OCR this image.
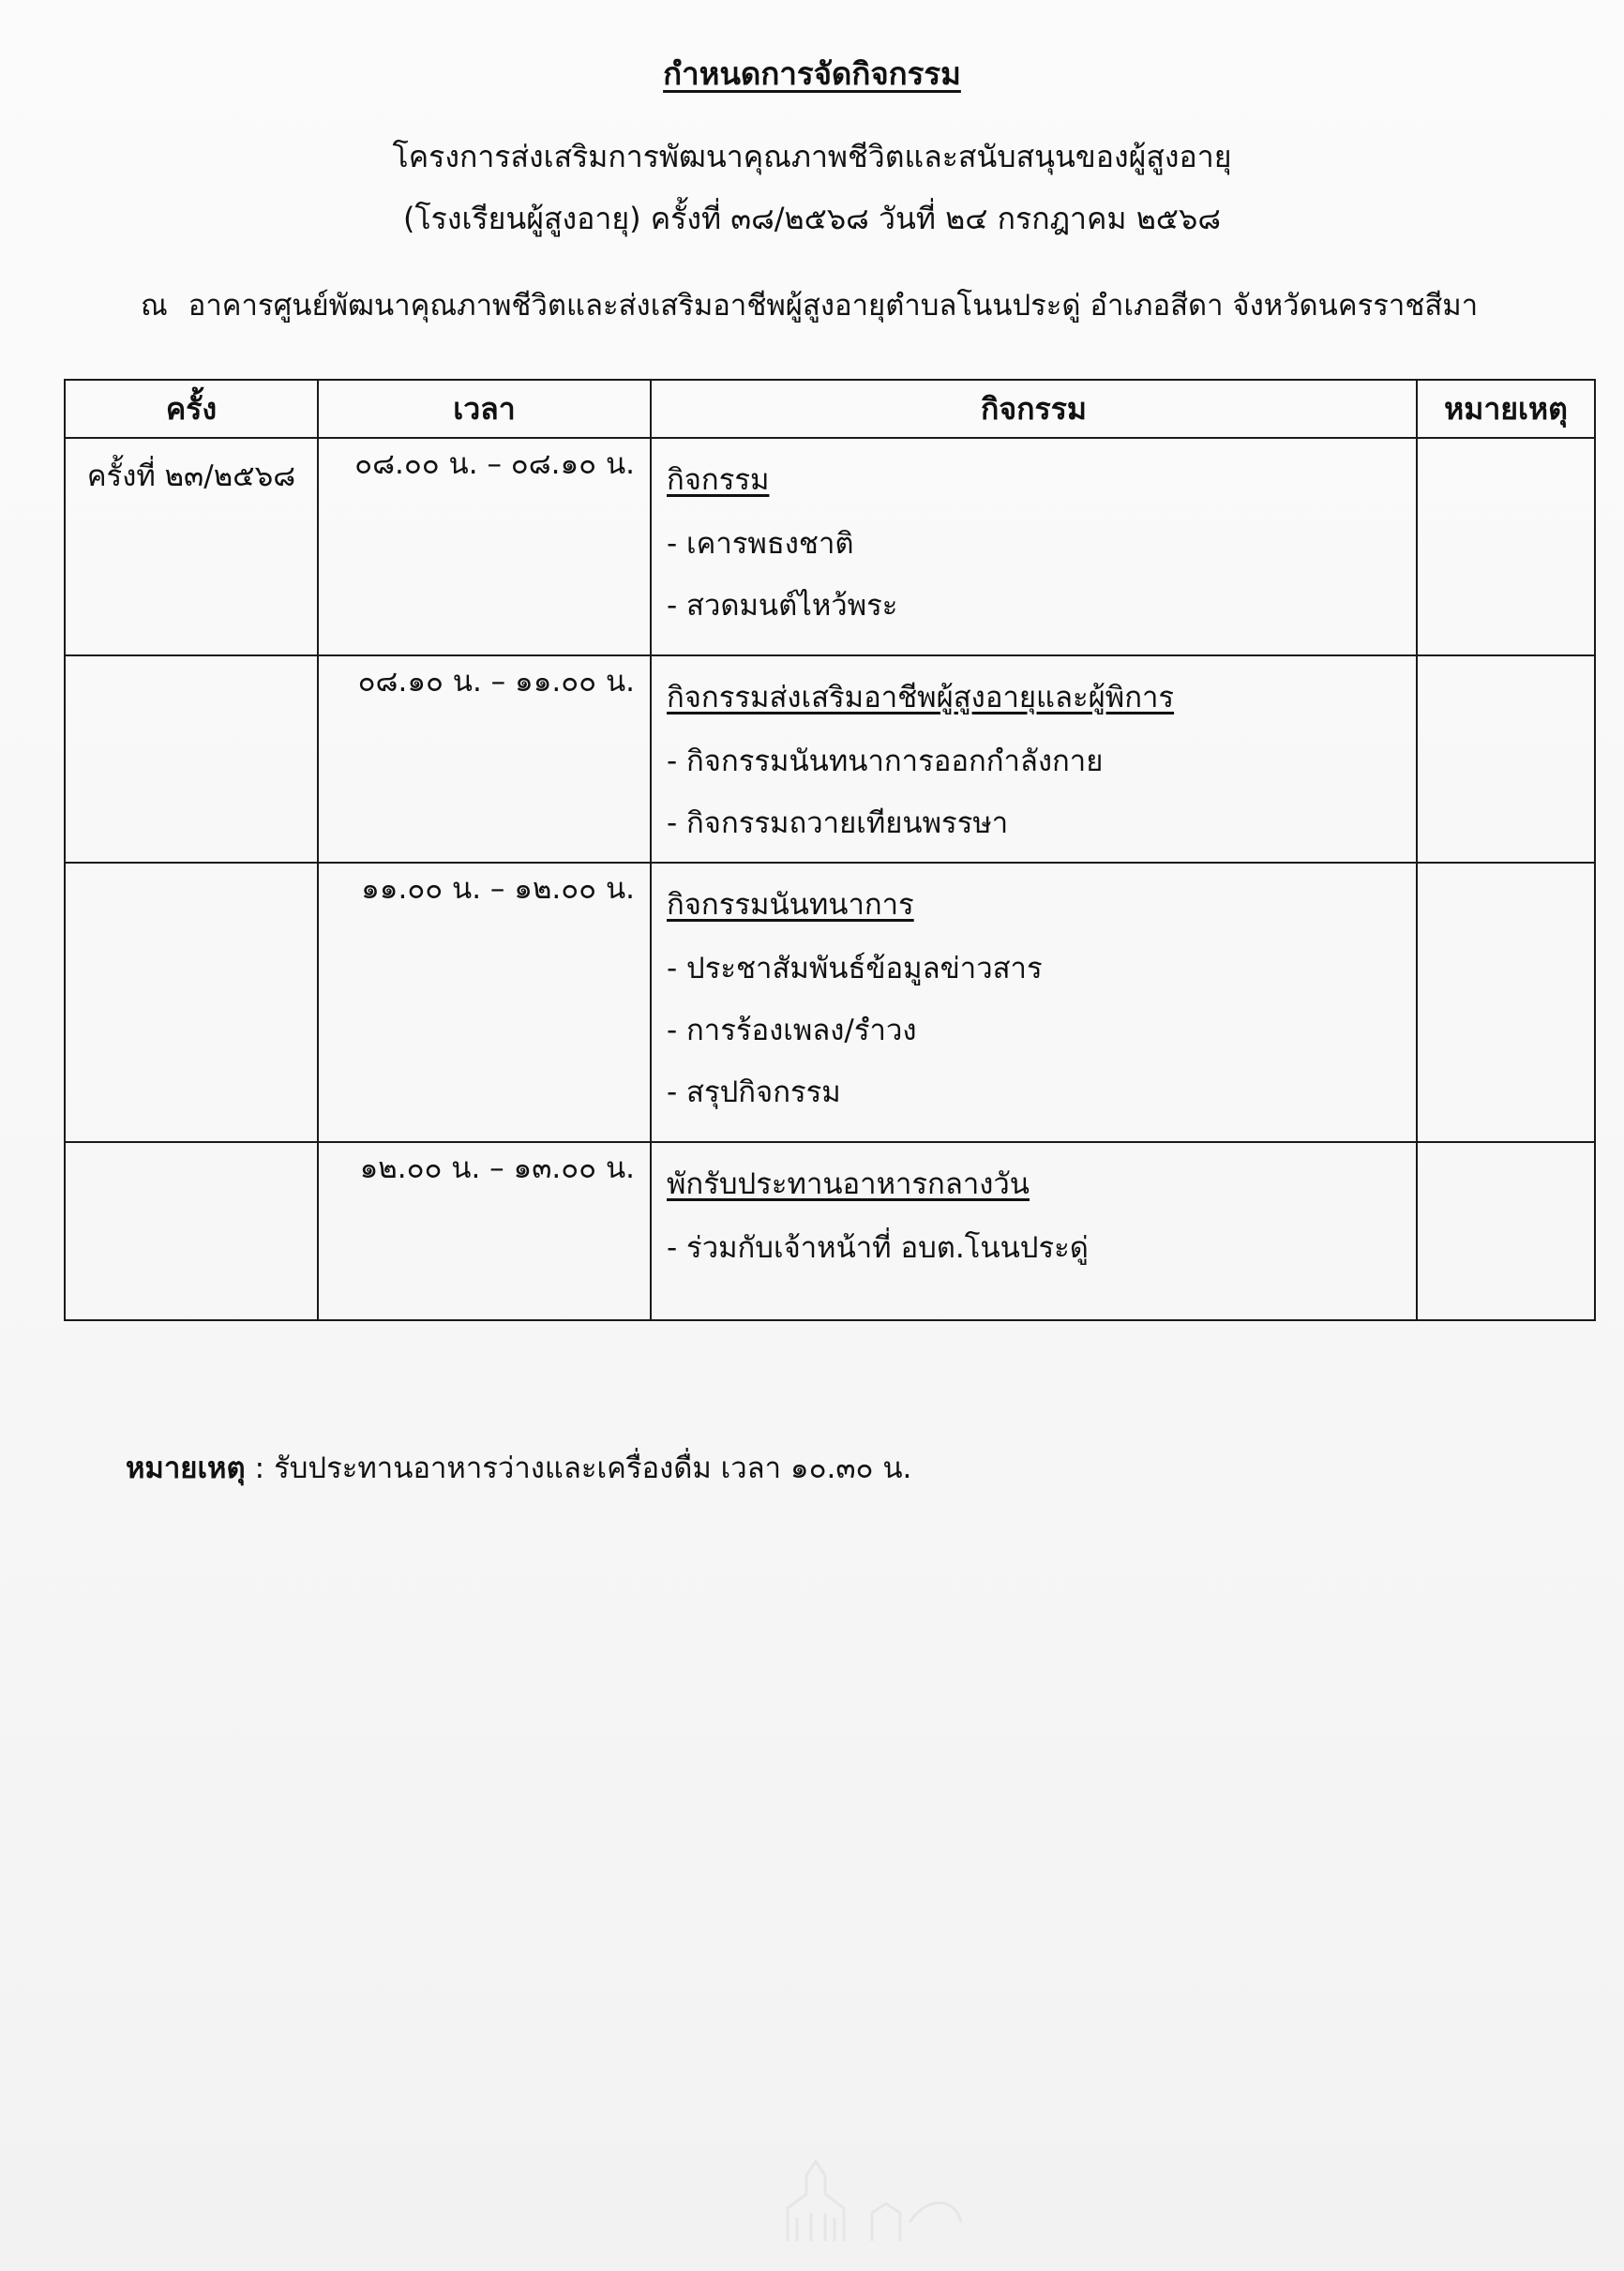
กำหนดการจัดกิจกรรม
โครงการส่งเสริมการพัฒนาคุณภาพชีวิตและสนับสนุนของผู้สูงอายุ
(โรงเรียนผู้สูงอายุ) ครั้งที่ ๓๘/๒๕๖๘ วันที่ ๒๔ กรกฎาคม ๒๕๖๘
ณ อาคารศูนย์พัฒนาคุณภาพชีวิตและส่งเสริมอาชีพผู้สูงอายุตำบลโนนประดู่ อำเภอสีดา จังหวัดนครราชสีมา
ครั้ง	เวลา	กิจกรรม	หมายเหตุ
ครั้งที่ ๒๓/๒๕๖๘	๐๘.๐๐ น. – ๐๘.๑๐ น.	กิจกรรม
- เคารพธงชาติ
- สวดมนต์ไหว้พระ	

	๐๘.๑๐ น. – ๑๑.๐๐ น.	กิจกรรมส่งเสริมอาชีพผู้สูงอายุและผู้พิการ
- กิจกรรมนันทนาการออกกำลังกาย
- กิจกรรมถวายเทียนพรรษา	

	๑๑.๐๐ น. – ๑๒.๐๐ น.	กิจกรรมนันทนาการ
- ประชาสัมพันธ์ข้อมูลข่าวสาร
- การร้องเพลง/รำวง
- สรุปกิจกรรม	

	๑๒.๐๐ น. – ๑๓.๐๐ น.	พักรับประทานอาหารกลางวัน
- ร่วมกับเจ้าหน้าที่ อบต.โนนประดู่	

หมายเหตุ : รับประทานอาหารว่างและเครื่องดื่ม เวลา ๑๐.๓๐ น.
